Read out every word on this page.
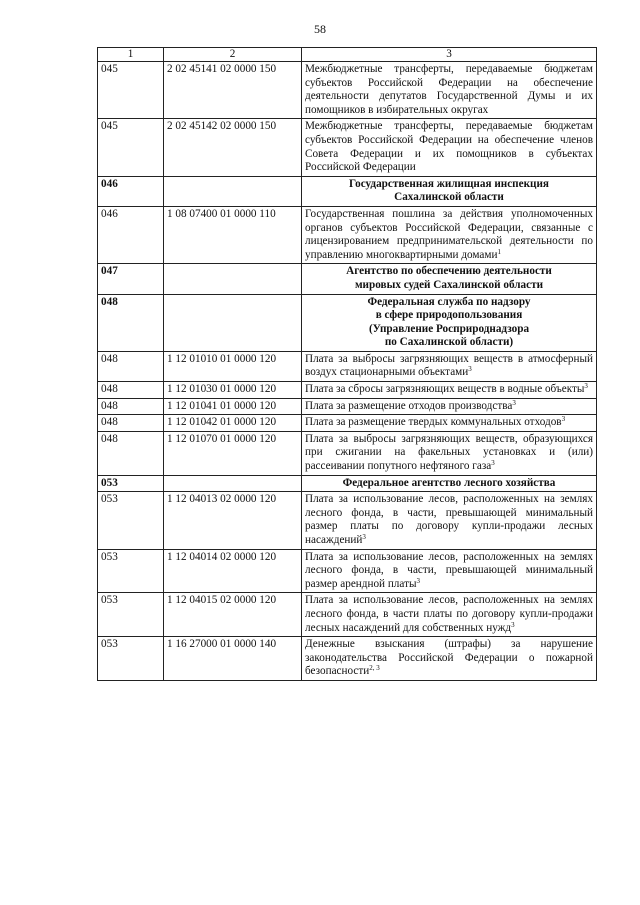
58
1	2	3
045	2 02 45141 02 0000 150	Межбюджетные трансферты, передаваемые бюджетам субъектов Российской Федерации на обеспечение деятельности депутатов Государственной Думы и их помощников в избирательных округах
045	2 02 45142 02 0000 150	Межбюджетные трансферты, передаваемые бюджетам субъектов Российской Федерации на обеспечение членов Совета Федерации и их помощников в субъектах Российской Федерации
046		Государственная жилищная инспекция
Сахалинской области
046	1 08 07400 01 0000 110	Государственная пошлина за действия уполномоченных органов субъектов Российской Федерации, связанные с лицензированием предпринимательской деятельности по управлению многоквартирными домами$^1$
047		Агентство по обеспечению деятельности
мировых судей Сахалинской области
048		Федеральная служба по надзору
в сфере природопользования
(Управление Росприроднадзора
по Сахалинской области)
048	1 12 01010 01 0000 120	Плата за выбросы загрязняющих веществ в атмосферный воздух стационарными объектами$^3$
048	1 12 01030 01 0000 120	Плата за сбросы загрязняющих веществ в водные объекты$^3$
048	1 12 01041 01 0000 120	Плата за размещение отходов производства$^3$
048	1 12 01042 01 0000 120	Плата за размещение твердых коммунальных отходов$^3$
048	1 12 01070 01 0000 120	Плата за выбросы загрязняющих веществ, образующихся при сжигании на факельных установках и (или) рассеивании попутного нефтяного газа$^3$
053		Федеральное агентство лесного хозяйства
053	1 12 04013 02 0000 120	Плата за использование лесов, расположенных на землях лесного фонда, в части, превышающей минимальный размер платы по договору купли-продажи лесных насаждений$^3$
053	1 12 04014 02 0000 120	Плата за использование лесов, расположенных на землях лесного фонда, в части, превышающей минимальный размер арендной платы$^3$
053	1 12 04015 02 0000 120	Плата за использование лесов, расположенных на землях лесного фонда, в части платы по договору купли-продажи лесных насаждений для собственных нужд$^3$
053	1 16 27000 01 0000 140	Денежные взыскания (штрафы) за нарушение законодательства Российской Федерации о пожарной безопасности$^{2, 3}$
